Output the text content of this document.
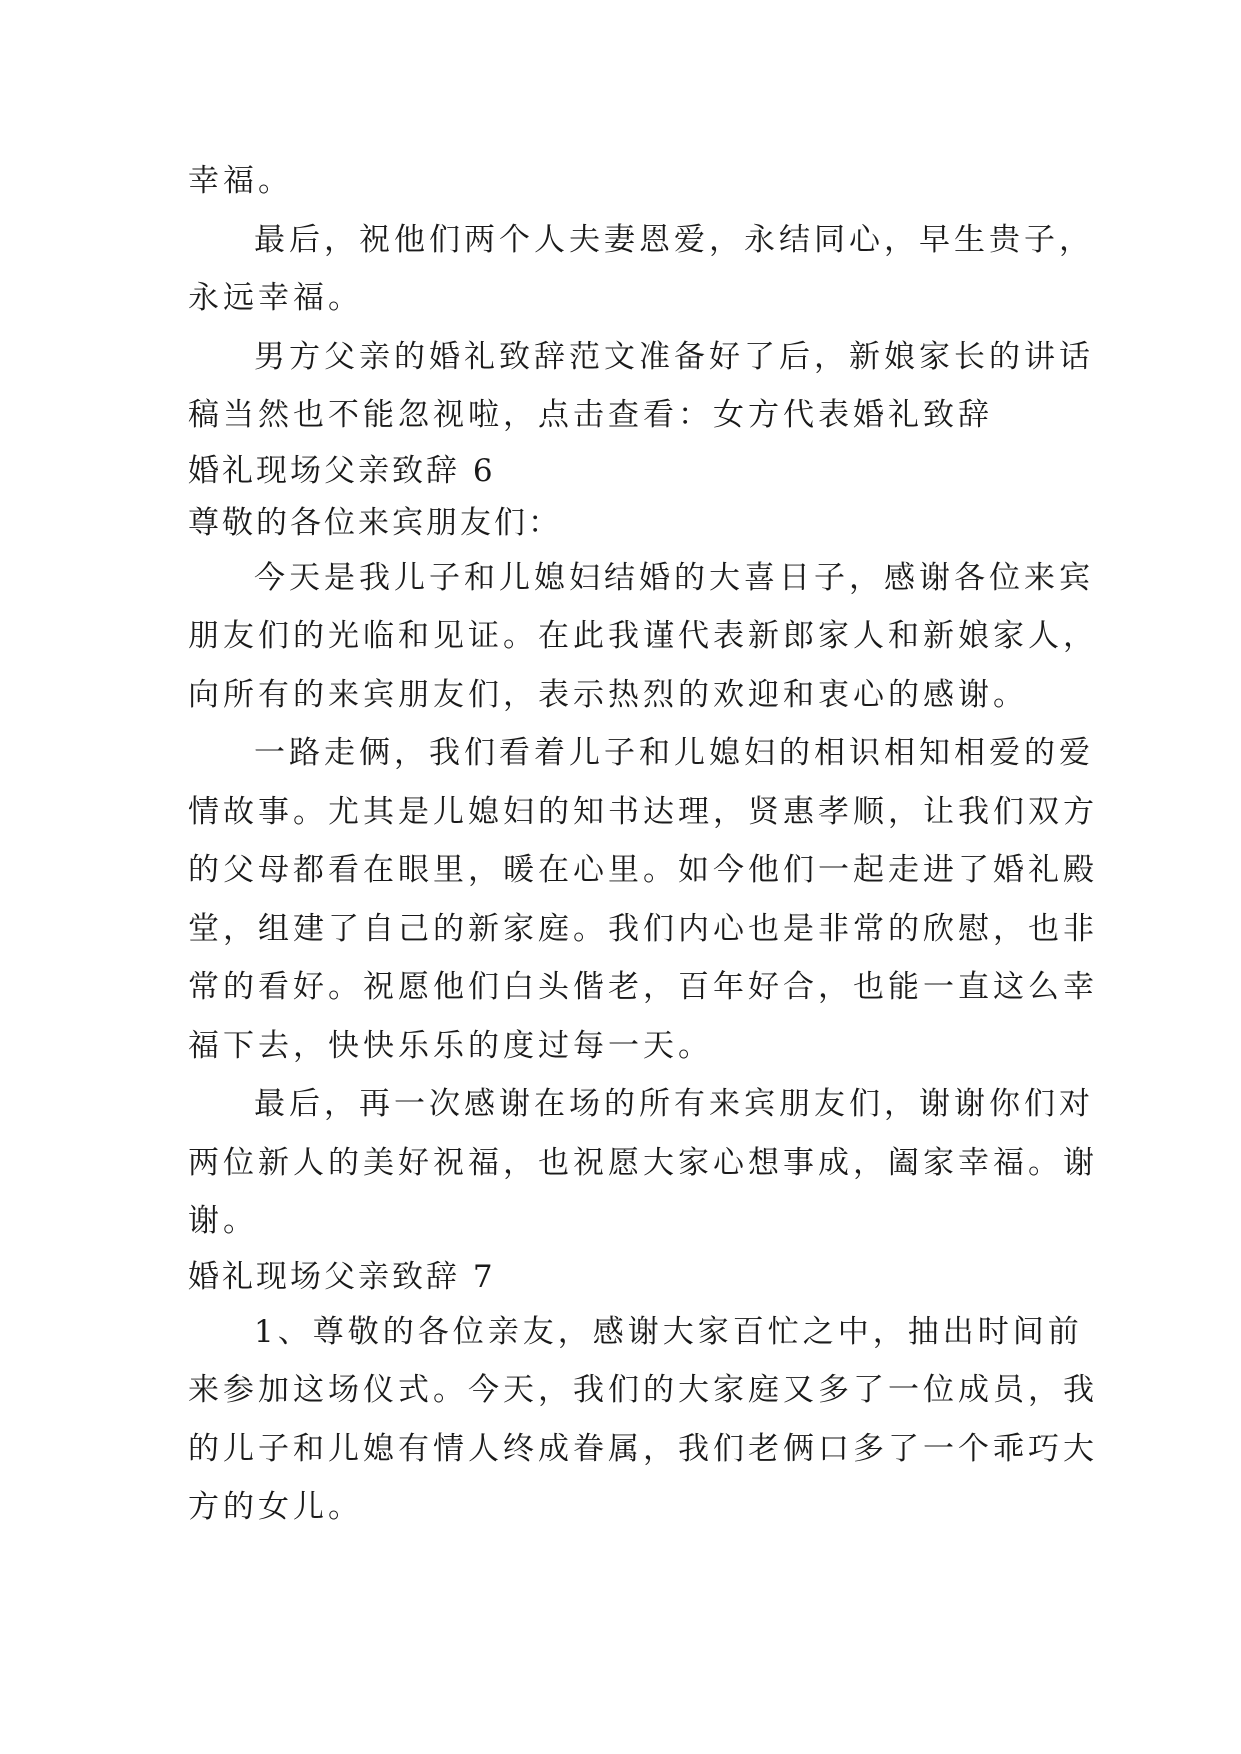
幸福。
最后，祝他们两个人夫妻恩爱，永结同心，早生贵子，
永远幸福。
男方父亲的婚礼致辞范文准备好了后，新娘家长的讲话
稿当然也不能忽视啦，点击查看：女方代表婚礼致辞
婚礼现场父亲致辞 6
尊敬的各位来宾朋友们：
今天是我儿子和儿媳妇结婚的大喜日子，感谢各位来宾
朋友们的光临和见证。在此我谨代表新郎家人和新娘家人，
向所有的来宾朋友们，表示热烈的欢迎和衷心的感谢。
一路走俩，我们看着儿子和儿媳妇的相识相知相爱的爱
情故事。尤其是儿媳妇的知书达理，贤惠孝顺，让我们双方
的父母都看在眼里，暖在心里。如今他们一起走进了婚礼殿
堂，组建了自己的新家庭。我们内心也是非常的欣慰，也非
常的看好。祝愿他们白头偕老，百年好合，也能一直这么幸
福下去，快快乐乐的度过每一天。
最后，再一次感谢在场的所有来宾朋友们，谢谢你们对
两位新人的美好祝福，也祝愿大家心想事成，阖家幸福。谢
谢。
婚礼现场父亲致辞 7
1、尊敬的各位亲友，感谢大家百忙之中，抽出时间前
来参加这场仪式。今天，我们的大家庭又多了一位成员，我
的儿子和儿媳有情人终成眷属，我们老俩口多了一个乖巧大
方的女儿。
